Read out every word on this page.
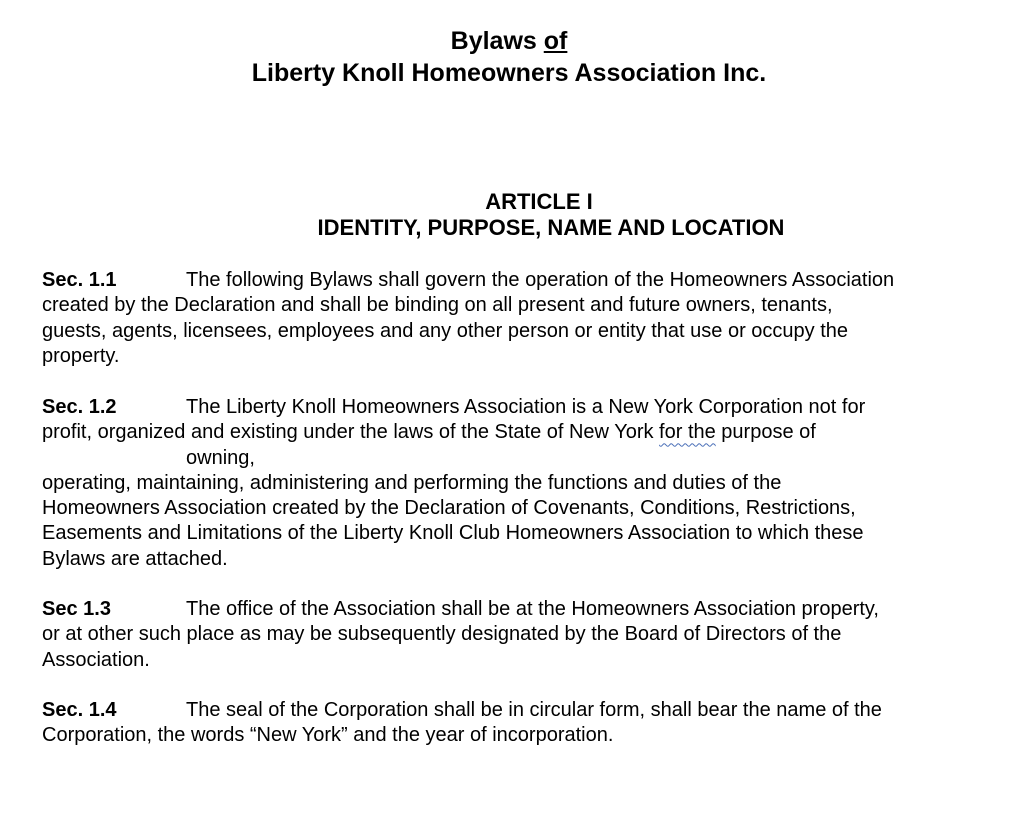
Bylaws of
Liberty Knoll Homeowners Association Inc.
ARTICLE I
IDENTITY, PURPOSE, NAME AND LOCATION
Sec. 1.1	The following Bylaws shall govern the operation of the Homeowners Association
created by the Declaration and shall be binding on all present and future owners, tenants,
guests, agents, licensees, employees and any other person or entity that use or occupy the
property.
Sec. 1.2	The Liberty Knoll Homeowners Association is a New York Corporation not for
profit, organized and existing under the laws of the State of New York for the purpose of
owning,
operating, maintaining, administering and performing the functions and duties of the
Homeowners Association created by the Declaration of Covenants, Conditions, Restrictions,
Easements and Limitations of the Liberty Knoll Club Homeowners Association to which these
Bylaws are attached.
Sec 1.3	The office of the Association shall be at the Homeowners Association property,
or at other such place as may be subsequently designated by the Board of Directors of the
Association.
Sec. 1.4	The seal of the Corporation shall be in circular form, shall bear the name of the
Corporation, the words “New York” and the year of incorporation.
